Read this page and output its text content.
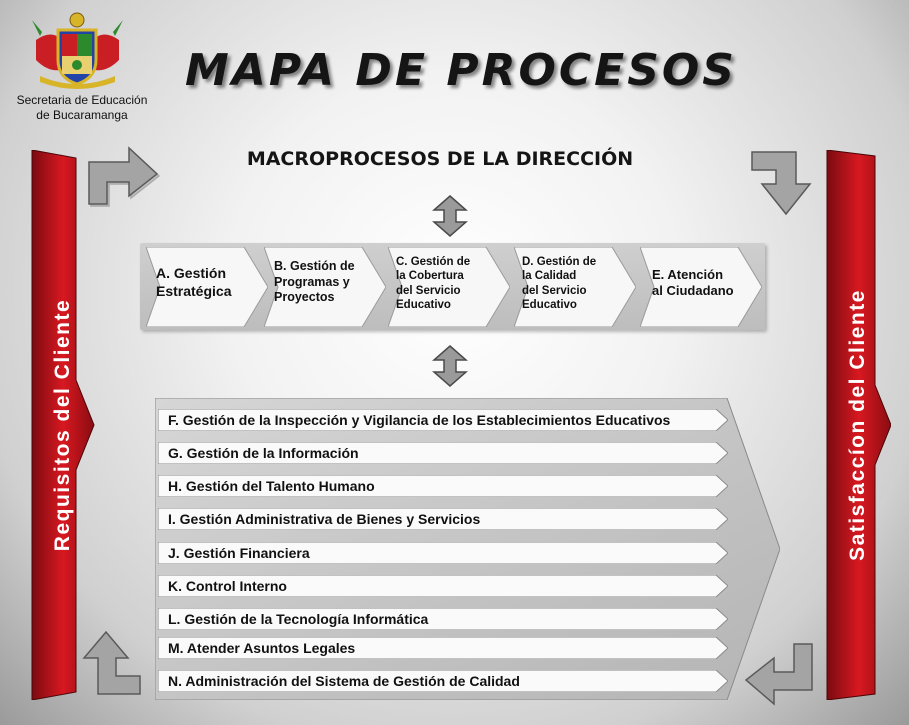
Secretaria de Educación
de Bucaramanga
MAPA DE PROCESOS
MACROPROCESOS DE LA DIRECCIÓN
Requisitos del Cliente	Satisfaccíon del Cliente
A. Gestión
Estratégica
B. Gestión de
Programas y
Proyectos
C. Gestión de
la Cobertura
del Servicio
Educativo
D. Gestión de
la Calidad
del Servicio
Educativo
E. Atención
al Ciudadano
F. Gestión de la Inspección y Vigilancia de los Establecimientos Educativos
G. Gestión de la Información
H. Gestión del Talento Humano
I. Gestión Administrativa de Bienes y Servicios
J. Gestión Financiera
K. Control Interno
L. Gestión de la Tecnología Informática
M. Atender Asuntos Legales
N. Administración del Sistema de Gestión de Calidad
